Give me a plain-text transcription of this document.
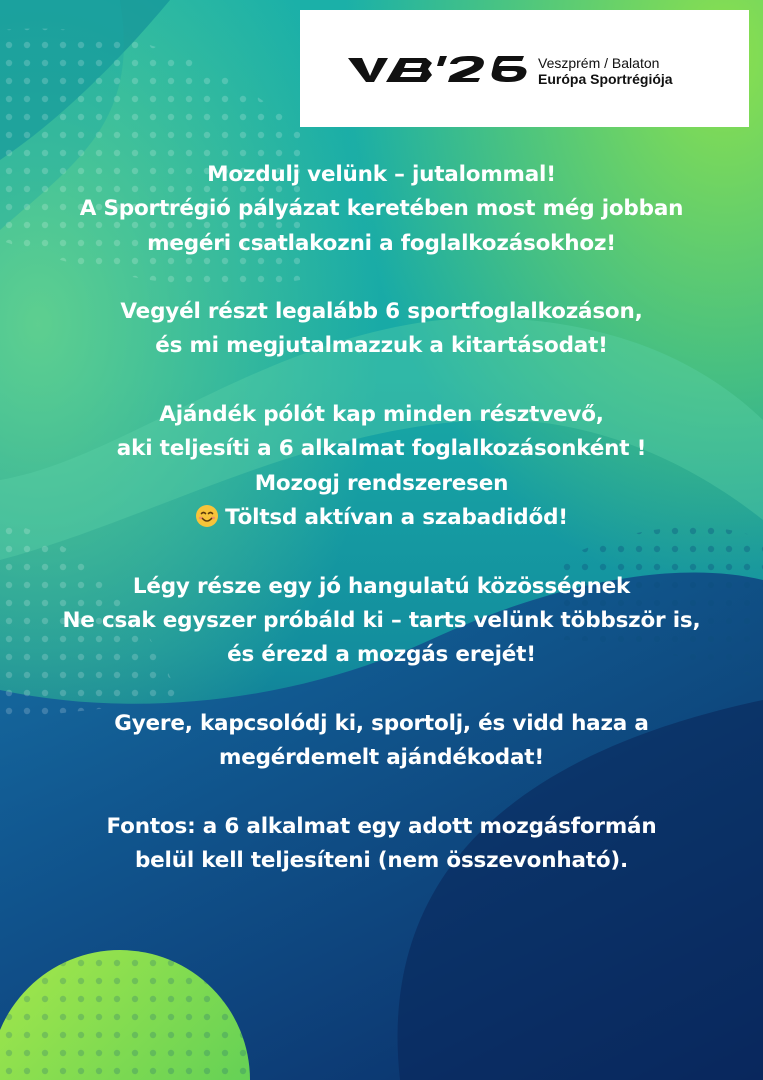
Veszprém / Balaton
Európa Sportrégiója
Mozdulj velünk – jutalommal!
A Sportrégió pályázat keretében most még jobban
megéri csatlakozni a foglalkozásokhoz!
Vegyél részt legalább 6 sportfoglalkozáson,
és mi megjutalmazzuk a kitartásodat!
Ajándék pólót kap minden résztvevő,
aki teljesíti a 6 alkalmat foglalkozásonként !
Mozogj rendszeresen
Töltsd aktívan a szabadidőd!
Légy része egy jó hangulatú közösségnek
Ne csak egyszer próbáld ki – tarts velünk többször is,
és érezd a mozgás erejét!
Gyere, kapcsolódj ki, sportolj, és vidd haza a
megérdemelt ajándékodat!
Fontos: a 6 alkalmat egy adott mozgásformán
belül kell teljesíteni (nem összevonható).
